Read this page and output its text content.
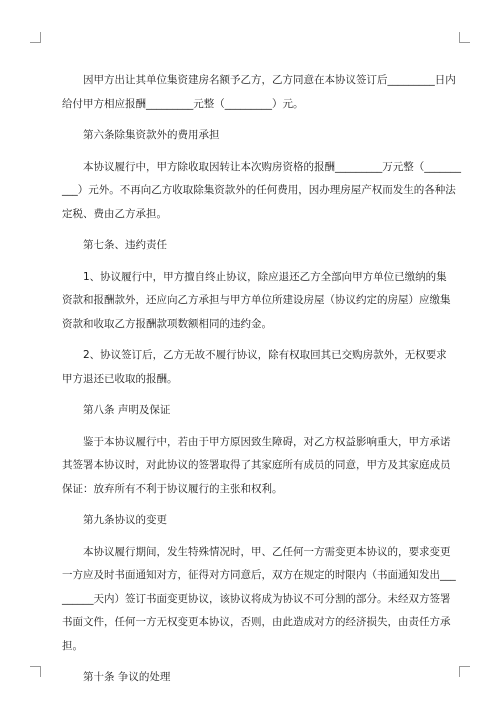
因甲方出让其单位集资建房名额予乙方，乙方同意在本协议签订后_________日内
给付甲方相应报酬_________元整（_________）元。

第六条除集资款外的费用承担

本协议履行中，甲方除收取因转让本次购房资格的报酬_________万元整（_______
___）元外。不再向乙方收取除集资款外的任何费用，因办理房屋产权而发生的各种法
定税、费由乙方承担。

第七条、违约责任

1、协议履行中，甲方擅自终止协议，除应退还乙方全部向甲方单位已缴纳的集
资款和报酬款外，还应向乙方承担与甲方单位所建设房屋（协议约定的房屋）应缴集
资款和收取乙方报酬款项数额相同的违约金。

2、协议签订后，乙方无故不履行协议，除有权取回其已交购房款外，无权要求
甲方退还已收取的报酬。

第八条 声明及保证

鉴于本协议履行中，若由于甲方原因致生障碍，对乙方权益影响重大，甲方承诺
其签署本协议时，对此协议的签署取得了其家庭所有成员的同意，甲方及其家庭成员
保证：放弃所有不利于协议履行的主张和权利。

第九条协议的变更

本协议履行期间，发生特殊情况时，甲、乙任何一方需变更本协议的，要求变更
一方应及时书面通知对方，征得对方同意后，双方在规定的时限内（书面通知发出___
______天内）签订书面变更协议，该协议将成为协议不可分割的部分。未经双方签署
书面文件，任何一方无权变更本协议，否则，由此造成对方的经济损失，由责任方承
担。

第十条 争议的处理
